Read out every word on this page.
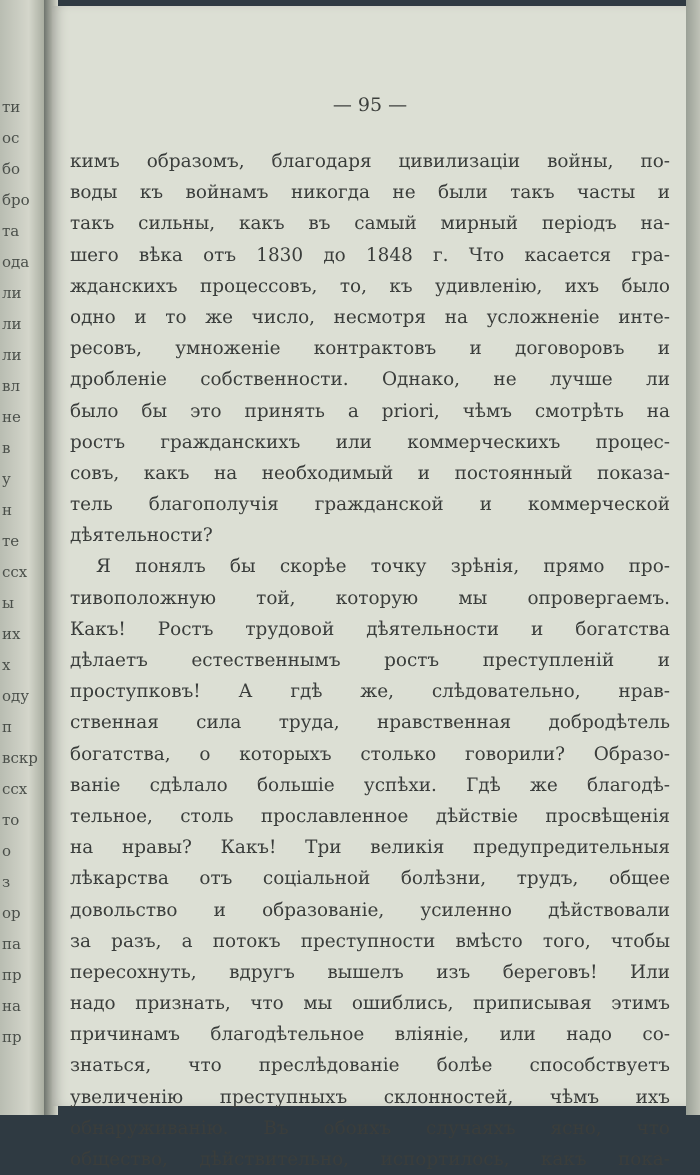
ти
ос
бо
бро
та
ода
ли
ли
ли
вл
не
в
у
н
те
ссх
ы
их
х
оду
п
вскр
ссх
то
о
з
ор
па
пр
на
пр
— 95 —
кимъ образомъ, благодаря цивилизаціи войны, по-
воды къ войнамъ никогда не были такъ часты и
такъ сильны, какъ въ самый мирный періодъ на-
шего вѣка отъ 1830 до 1848 г. Что касается гра-
жданскихъ процессовъ, то, къ удивленію, ихъ было
одно и то же число, несмотря на усложненіе инте-
ресовъ, умноженіе контрактовъ и договоровъ и
дробленіе собственности. Однако, не лучше ли
было бы это принять a priori, чѣмъ смотрѣть на
ростъ гражданскихъ или коммерческихъ процес-
совъ, какъ на необходимый и постоянный показа-
тель благополучія гражданской и коммерческой
дѣятельности?
Я понялъ бы скорѣе точку зрѣнія, прямо про-
тивоположную той, которую мы опровергаемъ.
Какъ! Ростъ трудовой дѣятельности и богатства
дѣлаетъ естественнымъ ростъ преступленій и
проступковъ! А гдѣ же, слѣдовательно, нрав-
ственная сила труда, нравственная добродѣтель
богатства, о которыхъ столько говорили? Образо-
ваніе сдѣлало большіе успѣхи. Гдѣ же благодѣ-
тельное, столь прославленное дѣйствіе просвѣщенія
на нравы? Какъ! Три великія предупредительныя
лѣкарства отъ соціальной болѣзни, трудъ, общее
довольство и образованіе, усиленно дѣйствовали
за разъ, а потокъ преступности вмѣсто того, чтобы
пересохнуть, вдругъ вышелъ изъ береговъ! Или
надо признать, что мы ошиблись, приписывая этимъ
причинамъ благодѣтельное вліяніе, или надо со-
знаться, что преслѣдованіе болѣе способствуетъ
увеличенію преступныхъ склонностей, чѣмъ ихъ
обнаруживанію. Въ обоихъ случаяхъ ясно, что
общество, дѣйствительно, испортилось, какъ пока-
